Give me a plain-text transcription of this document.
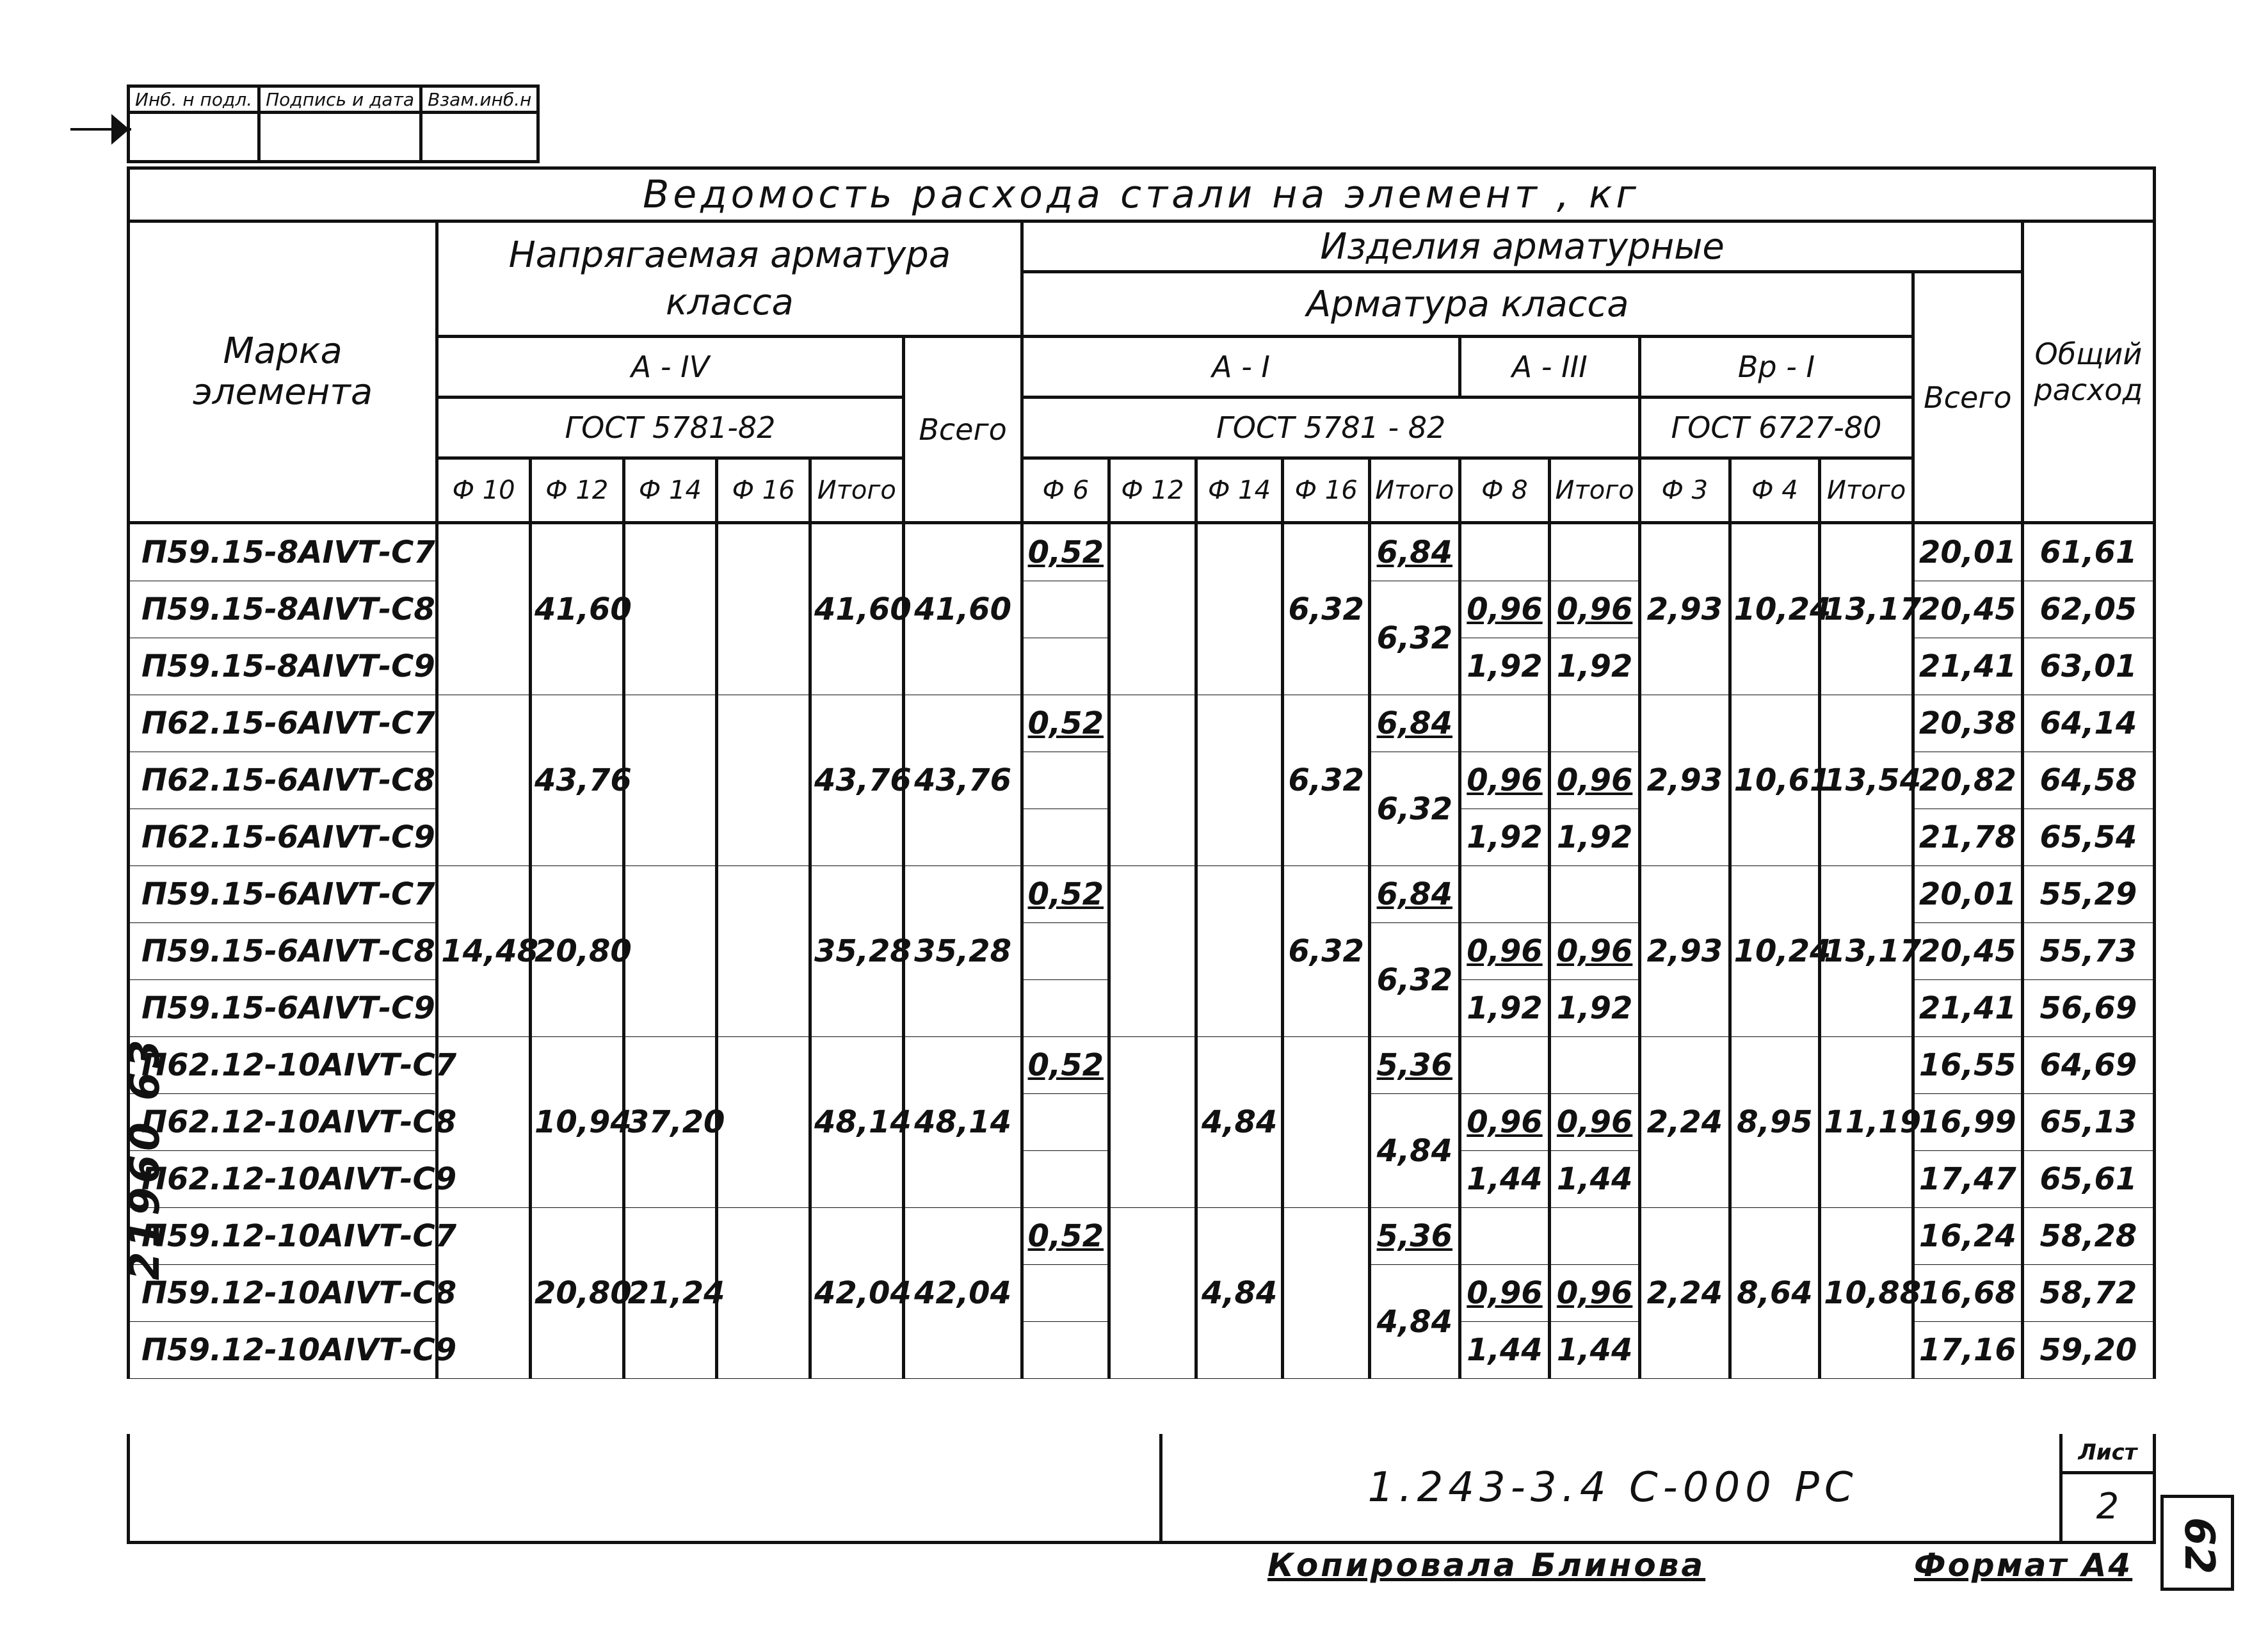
Инб. н подл.	Подпись и дата	Взам.инб.н

Ведомость расхода стали на элемент , кг																		
Марка элемента	Напрягаемая арматура класса						Изделия арматурные											Общий расход
							Арматура класса										Всего	
	А - IV					Всего	А - I					А - III		Вр - I				
	ГОСТ 5781-82						ГОСТ 5781 - 82							ГОСТ 6727-80				
	Ф 10	Ф 12	Ф 14	Ф 16	Итого		Ф 6	Ф 12	Ф 14	Ф 16	Итого	Ф 8	Итого	Ф 3	Ф 4	Итого		
П59.15-8АIVТ-С7		41,60			41,60	41,60	0,52			6,32	6,84			2,93	10,24	13,17	20,01	61,61
П59.15-8АIVТ-С8											6,32	0,96	0,96				20,45	62,05
П59.15-8АIVТ-С9												1,92	1,92				21,41	63,01
П62.15-6АIVТ-С7		43,76			43,76	43,76	0,52			6,32	6,84			2,93	10,61	13,54	20,38	64,14
П62.15-6АIVТ-С8											6,32	0,96	0,96				20,82	64,58
П62.15-6АIVТ-С9												1,92	1,92				21,78	65,54
П59.15-6АIVТ-С7	14,48	20,80			35,28	35,28	0,52			6,32	6,84			2,93	10,24	13,17	20,01	55,29
П59.15-6АIVТ-С8											6,32	0,96	0,96				20,45	55,73
П59.15-6АIVТ-С9												1,92	1,92				21,41	56,69
П62.12-10АIVТ-С7		10,94	37,20		48,14	48,14	0,52		4,84		5,36			2,24	8,95	11,19	16,55	64,69
П62.12-10АIVТ-С8											4,84	0,96	0,96				16,99	65,13
П62.12-10АIVТ-С9												1,44	1,44				17,47	65,61
П59.12-10АIVТ-С7		20,80	21,24		42,04	42,04	0,52		4,84		5,36			2,24	8,64	10,88	16,24	58,28
П59.12-10АIVТ-С8											4,84	0,96	0,96				16,68	58,72
П59.12-10АIVТ-С9												1,44	1,44				17,16	59,20
1.243-3.4 С-000 РС
Лист
2
Копировала Блинова	Формат А4
21960 63
62
